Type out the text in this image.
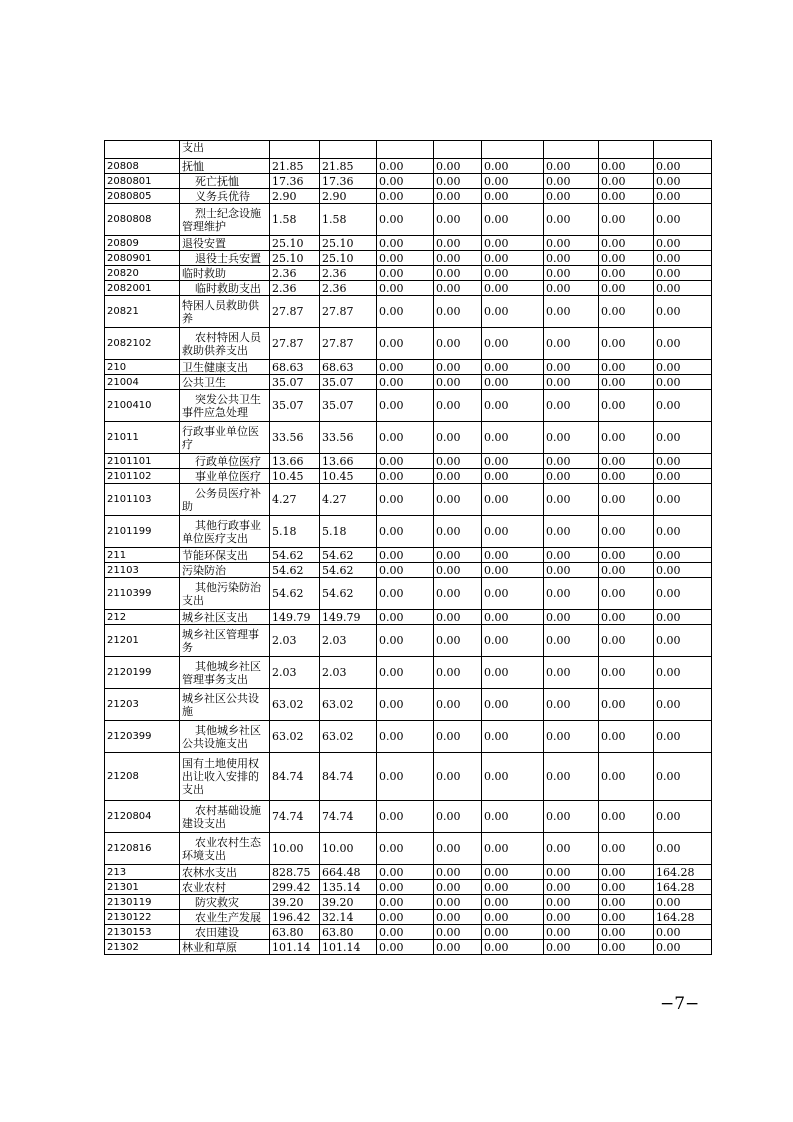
	支出								
20808	抚恤	21.85	21.85	0.00	0.00	0.00	0.00	0.00	0.00
2080801	死亡抚恤	17.36	17.36	0.00	0.00	0.00	0.00	0.00	0.00
2080805	义务兵优待	2.90	2.90	0.00	0.00	0.00	0.00	0.00	0.00
2080808	烈士纪念设施管理维护	1.58	1.58	0.00	0.00	0.00	0.00	0.00	0.00
20809	退役安置	25.10	25.10	0.00	0.00	0.00	0.00	0.00	0.00
2080901	退役士兵安置	25.10	25.10	0.00	0.00	0.00	0.00	0.00	0.00
20820	临时救助	2.36	2.36	0.00	0.00	0.00	0.00	0.00	0.00
2082001	临时救助支出	2.36	2.36	0.00	0.00	0.00	0.00	0.00	0.00
20821	特困人员救助供养	27.87	27.87	0.00	0.00	0.00	0.00	0.00	0.00
2082102	农村特困人员救助供养支出	27.87	27.87	0.00	0.00	0.00	0.00	0.00	0.00
210	卫生健康支出	68.63	68.63	0.00	0.00	0.00	0.00	0.00	0.00
21004	公共卫生	35.07	35.07	0.00	0.00	0.00	0.00	0.00	0.00
2100410	突发公共卫生事件应急处理	35.07	35.07	0.00	0.00	0.00	0.00	0.00	0.00
21011	行政事业单位医疗	33.56	33.56	0.00	0.00	0.00	0.00	0.00	0.00
2101101	行政单位医疗	13.66	13.66	0.00	0.00	0.00	0.00	0.00	0.00
2101102	事业单位医疗	10.45	10.45	0.00	0.00	0.00	0.00	0.00	0.00
2101103	公务员医疗补助	4.27	4.27	0.00	0.00	0.00	0.00	0.00	0.00
2101199	其他行政事业单位医疗支出	5.18	5.18	0.00	0.00	0.00	0.00	0.00	0.00
211	节能环保支出	54.62	54.62	0.00	0.00	0.00	0.00	0.00	0.00
21103	污染防治	54.62	54.62	0.00	0.00	0.00	0.00	0.00	0.00
2110399	其他污染防治支出	54.62	54.62	0.00	0.00	0.00	0.00	0.00	0.00
212	城乡社区支出	149.79	149.79	0.00	0.00	0.00	0.00	0.00	0.00
21201	城乡社区管理事务	2.03	2.03	0.00	0.00	0.00	0.00	0.00	0.00
2120199	其他城乡社区管理事务支出	2.03	2.03	0.00	0.00	0.00	0.00	0.00	0.00
21203	城乡社区公共设施	63.02	63.02	0.00	0.00	0.00	0.00	0.00	0.00
2120399	其他城乡社区公共设施支出	63.02	63.02	0.00	0.00	0.00	0.00	0.00	0.00
21208	国有土地使用权出让收入安排的支出	84.74	84.74	0.00	0.00	0.00	0.00	0.00	0.00
2120804	农村基础设施建设支出	74.74	74.74	0.00	0.00	0.00	0.00	0.00	0.00
2120816	农业农村生态环境支出	10.00	10.00	0.00	0.00	0.00	0.00	0.00	0.00
213	农林水支出	828.75	664.48	0.00	0.00	0.00	0.00	0.00	164.28
21301	农业农村	299.42	135.14	0.00	0.00	0.00	0.00	0.00	164.28
2130119	防灾救灾	39.20	39.20	0.00	0.00	0.00	0.00	0.00	0.00
2130122	农业生产发展	196.42	32.14	0.00	0.00	0.00	0.00	0.00	164.28
2130153	农田建设	63.80	63.80	0.00	0.00	0.00	0.00	0.00	0.00
21302	林业和草原	101.14	101.14	0.00	0.00	0.00	0.00	0.00	0.00
−7−
